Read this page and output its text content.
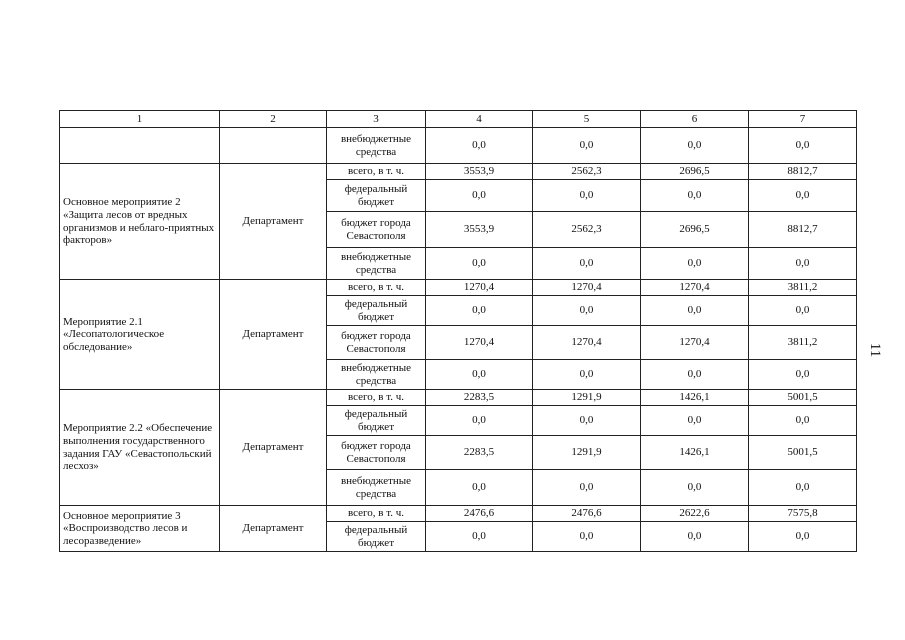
1	2	3	4	5	6	7
		внебюджетные средства	0,0	0,0	0,0	0,0
Основное мероприятие 2 «Защита лесов от вредных организмов и неблаго-приятных факторов»	Департамент	всего, в т. ч.	3553,9	2562,3	2696,5	8812,7
		федеральный бюджет	0,0	0,0	0,0	0,0
		бюджет города Севастополя	3553,9	2562,3	2696,5	8812,7
		внебюджетные средства	0,0	0,0	0,0	0,0
Мероприятие 2.1 «Лесопатологическое обследование»	Департамент	всего, в т. ч.	1270,4	1270,4	1270,4	3811,2
		федеральный бюджет	0,0	0,0	0,0	0,0
		бюджет города Севастополя	1270,4	1270,4	1270,4	3811,2
		внебюджетные средства	0,0	0,0	0,0	0,0
Мероприятие 2.2 «Обеспечение выполнения государственного задания ГАУ «Севастопольский лесхоз»	Департамент	всего, в т. ч.	2283,5	1291,9	1426,1	5001,5
		федеральный бюджет	0,0	0,0	0,0	0,0
		бюджет города Севастополя	2283,5	1291,9	1426,1	5001,5
		внебюджетные средства	0,0	0,0	0,0	0,0
Основное мероприятие 3 «Воспроизводство лесов и лесоразведение»	Департамент	всего, в т. ч.	2476,6	2476,6	2622,6	7575,8
		федеральный бюджет	0,0	0,0	0,0	0,0
11
